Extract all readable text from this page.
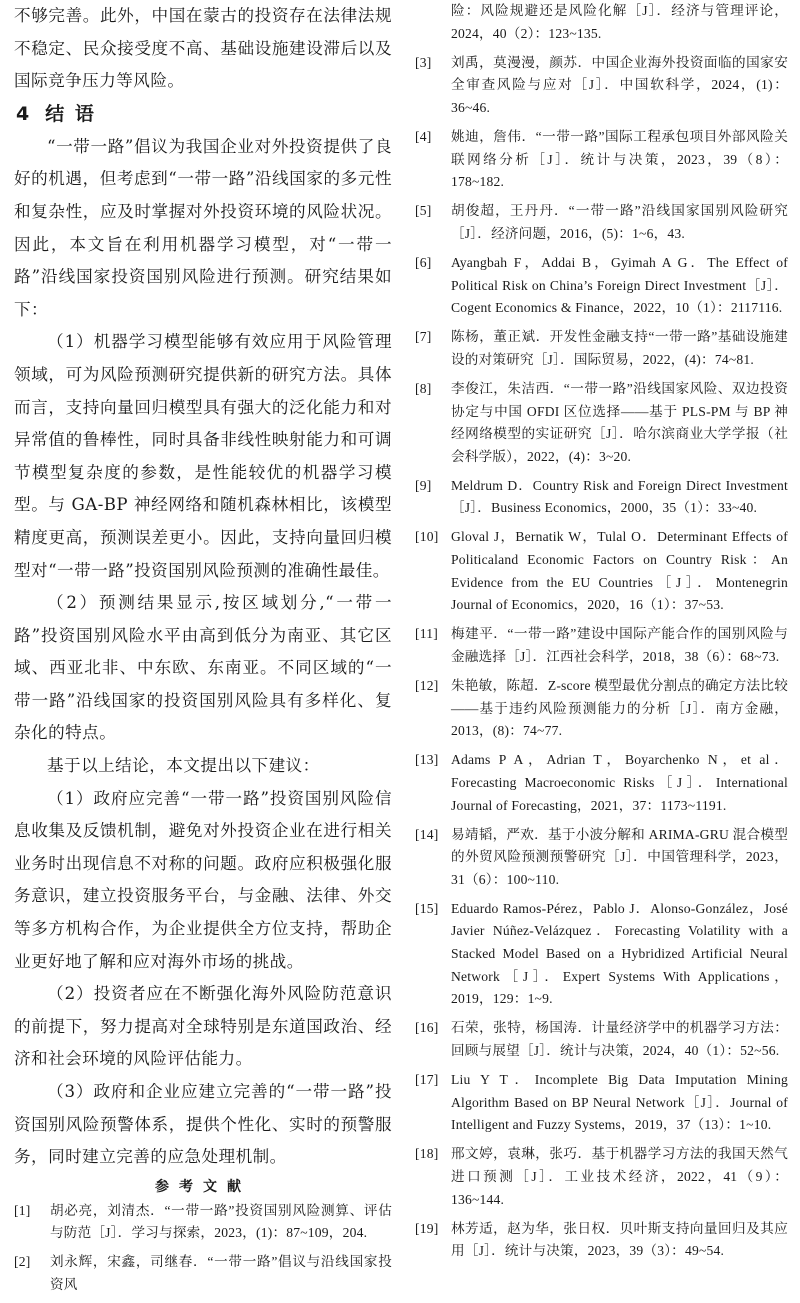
不够完善。此外，中国在蒙古的投资存在法律法规不稳定、民众接受度不高、基础设施建设滞后以及国际竞争压力等风险。

4 结 语

“一带一路”倡议为我国企业对外投资提供了良好的机遇，但考虑到“一带一路”沿线国家的多元性和复杂性，应及时掌握对外投资环境的风险状况。因此，本文旨在利用机器学习模型，对“一带一路”沿线国家投资国别风险进行预测。研究结果如下：

（1）机器学习模型能够有效应用于风险管理领域，可为风险预测研究提供新的研究方法。具体而言，支持向量回归模型具有强大的泛化能力和对异常值的鲁棒性，同时具备非线性映射能力和可调节模型复杂度的参数，是性能较优的机器学习模型。与 GA-BP 神经网络和随机森林相比，该模型精度更高，预测误差更小。因此，支持向量回归模型对“一带一路”投资国别风险预测的准确性最佳。

（2）预测结果显示,按区域划分,“一带一路”投资国别风险水平由高到低分为南亚、其它区域、西亚北非、中东欧、东南亚。不同区域的“一带一路”沿线国家的投资国别风险具有多样化、复杂化的特点。

基于以上结论，本文提出以下建议：

（1）政府应完善“一带一路”投资国别风险信息收集及反馈机制，避免对外投资企业在进行相关业务时出现信息不对称的问题。政府应积极强化服务意识，建立投资服务平台，与金融、法律、外交等多方机构合作，为企业提供全方位支持，帮助企业更好地了解和应对海外市场的挑战。

（2）投资者应在不断强化海外风险防范意识的前提下，努力提高对全球特别是东道国政治、经济和社会环境的风险评估能力。

（3）政府和企业应建立完善的“一带一路”投资国别风险预警体系，提供个性化、实时的预警服务，同时建立完善的应急处理机制。

参考文献
[1]	胡必亮，刘清杰．“一带一路”投资国别风险测算、评估与防范［J］．学习与探索，2023，(1)：87~109，204.
[2]	刘永辉，宋鑫，司继春．“一带一路”倡议与沿线国家投资风
险：风险规避还是风险化解［J］．经济与管理评论，2024，40（2）：123~135.
[3]	刘禹，莫漫漫，颜苏．中国企业海外投资面临的国家安全审查风险与应对［J］．中国软科学，2024，(1)：36~46.
[4]	姚迪，詹伟．“一带一路”国际工程承包项目外部风险关联网络分析［J］．统计与决策，2023，39（8）：178~182.
[5]	胡俊超，王丹丹．“一带一路”沿线国家国别风险研究［J］．经济问题，2016，(5)：1~6，43.
[6]	Ayangbah F，Addai B，Gyimah A G．The Effect of Political Risk on China’s Foreign Direct Investment［J］．Cogent Economics & Finance，2022，10（1）：2117116.
[7]	陈杨，董正斌．开发性金融支持“一带一路”基础设施建设的对策研究［J］．国际贸易，2022，(4)：74~81.
[8]	李俊江，朱洁西．“一带一路”沿线国家风险、双边投资协定与中国 OFDI 区位选择——基于 PLS-PM 与 BP 神经网络模型的实证研究［J］．哈尔滨商业大学学报（社会科学版），2022，(4)：3~20.
[9]	Meldrum D．Country Risk and Foreign Direct Investment［J］．Business Economics，2000，35（1）：33~40.
[10] Gloval J，Bernatik W，Tulal O．Determinant Effects of Politicaland Economic Factors on Country Risk：An Evidence from the EU Countries［J］．Montenegrin Journal of Economics，2020，16（1）：37~53.
[11] 梅建平．“一带一路”建设中国际产能合作的国别风险与金融选择［J］．江西社会科学，2018，38（6）：68~73.
[12] 朱艳敏，陈超．Z-score 模型最优分割点的确定方法比较——基于违约风险预测能力的分析［J］．南方金融，2013，(8)：74~77.
[13] Adams P A，Adrian T，Boyarchenko N，et al．Forecasting Macroeconomic Risks［J］．International Journal of Forecasting，2021，37：1173~1191.
[14] 易靖韬，严欢．基于小波分解和 ARIMA-GRU 混合模型的外贸风险预测预警研究［J］．中国管理科学，2023，31（6）：100~110.
[15] Eduardo Ramos-Pérez，Pablo J．Alonso-González，José Javier Núñez-Velázquez．Forecasting Volatility with a Stacked Model Based on a Hybridized Artificial Neural Network［J］．Expert Systems With Applications，2019，129：1~9.
[16] 石荣，张特，杨国涛．计量经济学中的机器学习方法：回顾与展望［J］．统计与决策，2024，40（1）：52~56.
[17] Liu Y T．Incomplete Big Data Imputation Mining Algorithm Based on BP Neural Network［J］．Journal of Intelligent and Fuzzy Systems，2019，37（13）：1~10.
[18] 邢文婷，袁琳，张巧．基于机器学习方法的我国天然气进口预测［J］．工业技术经济，2022，41（9）：136~144.
[19] 林芳适，赵为华，张日权．贝叶斯支持向量回归及其应用［J］．统计与决策，2023，39（3）：49~54.
